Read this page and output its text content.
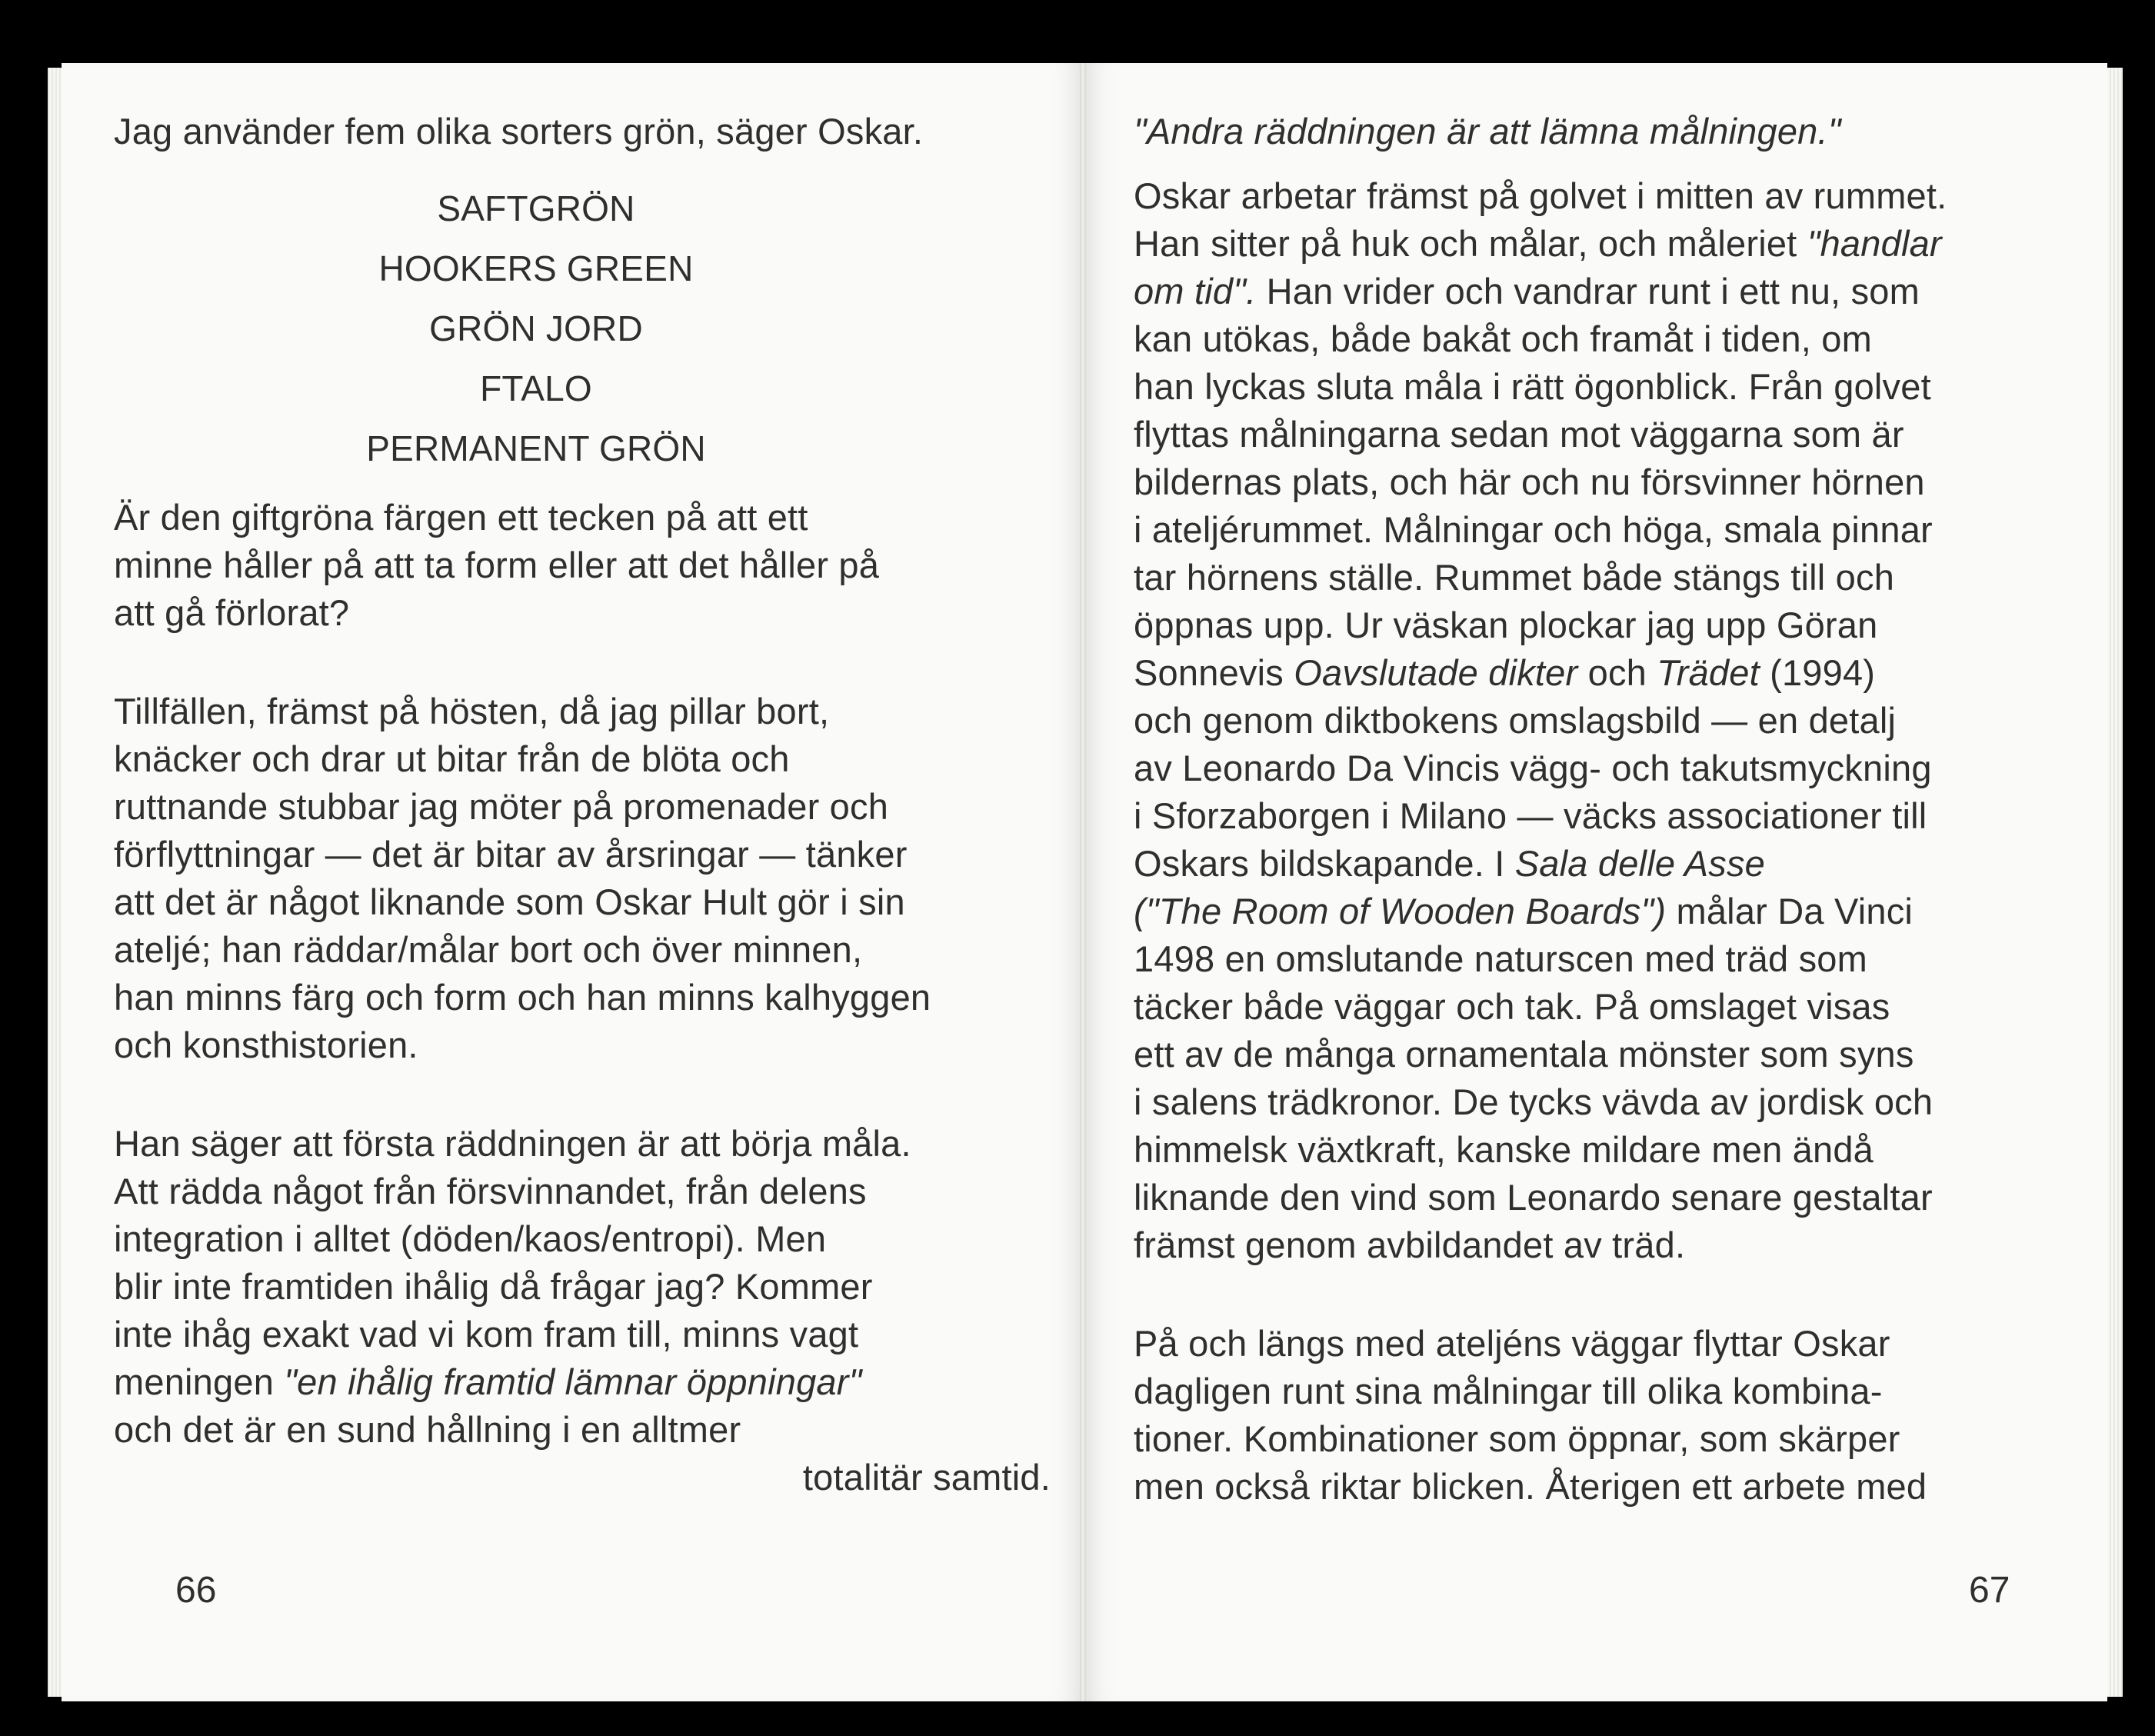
Jag använder fem olika sorters grön, säger Oskar.

SAFTGRÖN
HOOKERS GREEN
GRÖN JORD
FTALO
PERMANENT GRÖN

Är den giftgröna färgen ett tecken på att ett
minne håller på att ta form eller att det håller på
att gå förlorat?

Tillfällen, främst på hösten, då jag pillar bort,
knäcker och drar ut bitar från de blöta och
ruttnande stubbar jag möter på promenader och
förflyttningar — det är bitar av årsringar — tänker
att det är något liknande som Oskar Hult gör i sin
ateljé; han räddar/målar bort och över minnen,
han minns färg och form och han minns kalhyggen
och konsthistorien.

Han säger att första räddningen är att börja måla.
Att rädda något från försvinnandet, från delens
integration i alltet (döden/kaos/entropi). Men
blir inte framtiden ihålig då frågar jag? Kommer
inte ihåg exakt vad vi kom fram till, minns vagt
meningen "en ihålig framtid lämnar öppningar"
och det är en sund hållning i en alltmer
totalitär samtid.

66

"Andra räddningen är att lämna målningen."

Oskar arbetar främst på golvet i mitten av rummet.
Han sitter på huk och målar, och måleriet "handlar
om tid". Han vrider och vandrar runt i ett nu, som
kan utökas, både bakåt och framåt i tiden, om
han lyckas sluta måla i rätt ögonblick. Från golvet
flyttas målningarna sedan mot väggarna som är
bildernas plats, och här och nu försvinner hörnen
i ateljérummet. Målningar och höga, smala pinnar
tar hörnens ställe. Rummet både stängs till och
öppnas upp. Ur väskan plockar jag upp Göran
Sonnevis Oavslutade dikter och Trädet (1994)
och genom diktbokens omslagsbild — en detalj
av Leonardo Da Vincis vägg- och takutsmyckning
i Sforzaborgen i Milano — väcks associationer till
Oskars bildskapande. I Sala delle Asse
("The Room of Wooden Boards") målar Da Vinci
1498 en omslutande naturscen med träd som
täcker både väggar och tak. På omslaget visas
ett av de många ornamentala mönster som syns
i salens trädkronor. De tycks vävda av jordisk och
himmelsk växtkraft, kanske mildare men ändå
liknande den vind som Leonardo senare gestaltar
främst genom avbildandet av träd.

På och längs med ateljéns väggar flyttar Oskar
dagligen runt sina målningar till olika kombina-
tioner. Kombinationer som öppnar, som skärper
men också riktar blicken. Återigen ett arbete med

67
